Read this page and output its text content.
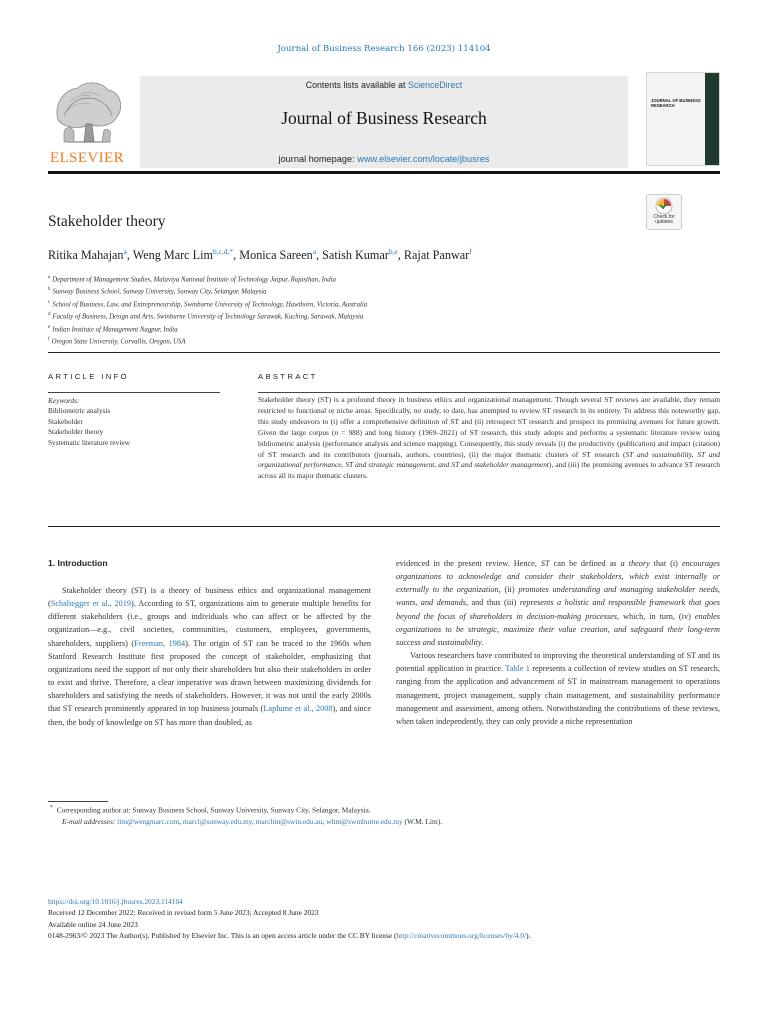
Journal of Business Research 166 (2023) 114104
ELSEVIER
Contents lists available at ScienceDirect
Journal of Business Research
journal homepage: www.elsevier.com/locate/jbusres
JOURNAL OF BUSINESS RESEARCH
Stakeholder theory	Check for
updates
Ritika Mahajan$^a$, Weng Marc Lim$^{b,c,d,*}$, Monica Sareen$^a$, Satish Kumar$^{b,e}$, Rajat Panwar$^f$
$^a$ Department of Management Studies, Malaviya National Institute of Technology Jaipur, Rajasthan, India
$^b$ Sunway Business School, Sunway University, Sunway City, Selangor, Malaysia
$^c$ School of Business, Law, and Entrepreneurship, Swinburne University of Technology, Hawthorn, Victoria, Australia
$^d$ Faculty of Business, Design and Arts, Swinburne University of Technology Sarawak, Kuching, Sarawak, Malaysia
$^e$ Indian Institute of Management Nagpur, India
$^f$ Oregon State University, Corvallis, Oregon, USA
ARTICLE INFO	ABSTRACT
Keywords:
Bibliometric analysis
Stakeholder
Stakeholder theory
Systematic literature review
Stakeholder theory (ST) is a profound theory in business ethics and organizational management. Though several ST reviews are available, they remain restricted to functional or niche areas. Specifically, no study, to date, has attempted to review ST research in its entirety. To address this noteworthy gap, this study endeavors to (i) offer a comprehensive definition of ST and (ii) retrospect ST research and prospect its promising avenues for future growth. Given the large corpus (n = 988) and long history (1969–2021) of ST research, this study adopts and performs a systematic literature review using bibliometric analysis (performance analysis and science mapping). Consequently, this study reveals (i) the productivity (publication) and impact (citation) of ST research and its contributors (journals, authors, countries), (ii) the major thematic clusters of ST research (ST and sustainability, ST and organizational performance, ST and strategic management, and ST and stakeholder management), and (iii) the promising avenues to advance ST research across all its major thematic clusters.
1. Introduction

Stakeholder theory (ST) is a theory of business ethics and organizational management (Schaltegger et al., 2019). According to ST, organizations aim to generate multiple benefits for different stakeholders (i.e., groups and individuals who can affect or be affected by the organization—e.g., civil societies, communities, customers, employees, governments, shareholders, suppliers) (Freeman, 1984). The origin of ST can be traced to the 1960s when Stanford Research Institute first proposed the concept of stakeholder, emphasizing that organizations need the support of not only their shareholders but also their stakeholders in order to exist and thrive. Therefore, a clear imperative was drawn between maximizing dividends for shareholders and satisfying the needs of stakeholders. However, it was not until the early 2000s that ST research prominently appeared in top business journals (Laplume et al., 2008), and since then, the body of knowledge on ST has more than doubled, as

evidenced in the present review. Hence, ST can be defined as a theory that (i) encourages organizations to acknowledge and consider their stakeholders, which exist internally or externally to the organization, (ii) promotes understanding and managing stakeholder needs, wants, and demands, and thus (iii) represents a holistic and responsible framework that goes beyond the focus of shareholders in decision-making processes, which, in turn, (iv) enables organizations to be strategic, maximize their value creation, and safeguard their long-term success and sustainability.

Various researchers have contributed to improving the theoretical understanding of ST and its potential application in practice. Table 1 represents a collection of review studies on ST research, ranging from the application and advancement of ST in mainstream management to operations management, project management, supply chain management, and sustainability performance management and assessment, among others. Notwithstanding the contributions of these reviews, when taken independently, they can only provide a niche representation

* Corresponding author at: Sunway Business School, Sunway University, Sunway City, Selangor, Malaysia.
E-mail addresses: lim@wengmarc.com, marcl@sunway.edu.my, marclim@swin.edu.au, wlim@swinburne.edu.my (W.M. Lim).
https://doi.org/10.1016/j.jbusres.2023.114104
Received 12 December 2022; Received in revised form 5 June 2023; Accepted 8 June 2023
Available online 24 June 2023
0148-2963/© 2023 The Author(s). Published by Elsevier Inc. This is an open access article under the CC BY license (http://creativecommons.org/licenses/by/4.0/).
